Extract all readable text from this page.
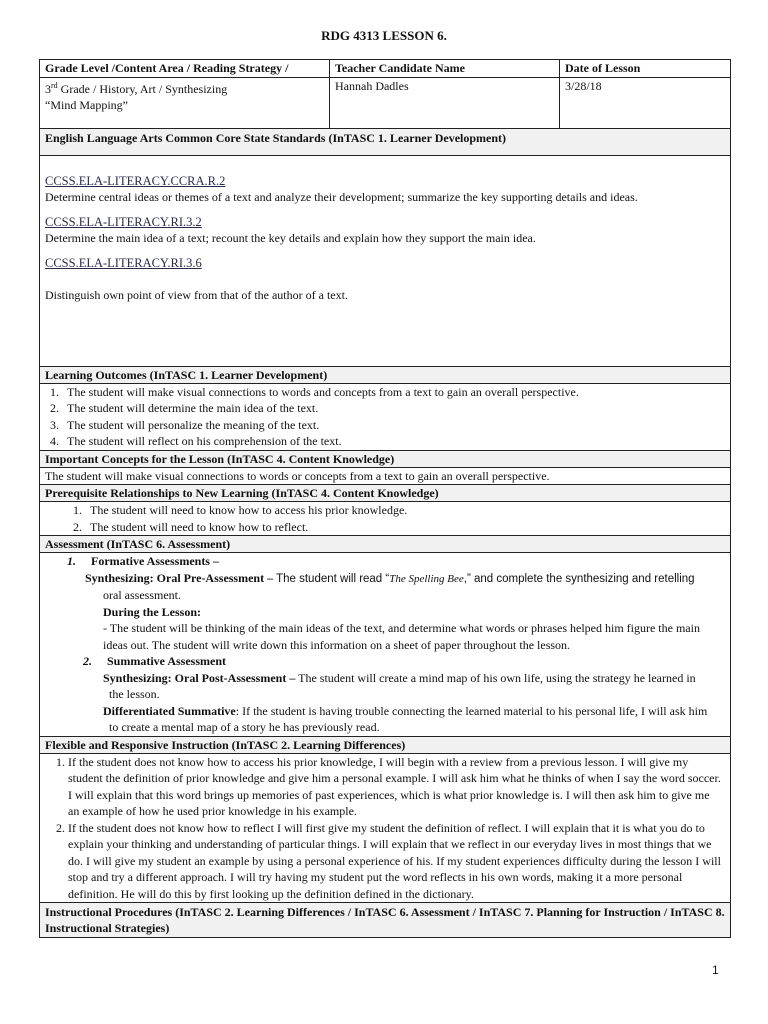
RDG 4313 LESSON 6.
Grade Level /Content Area / Reading Strategy /	Teacher Candidate Name	Date of Lesson
3rd Grade / History, Art / Synthesizing
“Mind Mapping”
Hannah Dadles	3/28/18
English Language Arts Common Core State Standards (InTASC 1. Learner Development)
CCSS.ELA-LITERACY.CCRA.R.2
Determine central ideas or themes of a text and analyze their development; summarize the key supporting details and ideas.
CCSS.ELA-LITERACY.RI.3.2
Determine the main idea of a text; recount the key details and explain how they support the main idea.
CCSS.ELA-LITERACY.RI.3.6
Distinguish own point of view from that of the author of a text.
Learning Outcomes (InTASC 1. Learner Development)
1. The student will make visual connections to words and concepts from a text to gain an overall perspective.
2. The student will determine the main idea of the text.
3. The student will personalize the meaning of the text.
4. The student will reflect on his comprehension of the text.
Important Concepts for the Lesson (InTASC 4. Content Knowledge)
The student will make visual connections to words or concepts from a text to gain an overall perspective.
Prerequisite Relationships to New Learning (InTASC 4. Content Knowledge)
1. The student will need to know how to access his prior knowledge.
2. The student will need to know how to reflect.
Assessment (InTASC 6. Assessment)
1. Formative Assessments –
Synthesizing: Oral Pre-Assessment – The student will read “The Spelling Bee,” and complete the synthesizing and retelling
oral assessment.
During the Lesson:
- The student will be thinking of the main ideas of the text, and determine what words or phrases helped him figure the main ideas out. The student will write down this information on a sheet of paper throughout the lesson.
2. Summative Assessment
Synthesizing: Oral Post-Assessment – The student will create a mind map of his own life, using the strategy he learned in
the lesson.
Differentiated Summative: If the student is having trouble connecting the learned material to his personal life, I will ask him
to create a mental map of a story he has previously read.
Flexible and Responsive Instruction (InTASC 2. Learning Differences)
1. If the student does not know how to access his prior knowledge, I will begin with a review from a previous lesson. I will give my student the definition of prior knowledge and give him a personal example. I will ask him what he thinks of when I say the word soccer. I will explain that this word brings up memories of past experiences, which is what prior knowledge is. I will then ask him to give me an example of how he used prior knowledge in his example.
2. If the student does not know how to reflect I will first give my student the definition of reflect. I will explain that it is what you do to explain your thinking and understanding of particular things. I will explain that we reflect in our everyday lives in most things that we do. I will give my student an example by using a personal experience of his. If my student experiences difficulty during the lesson I will stop and try a different approach. I will try having my student put the word reflects in his own words, making it a more personal definition. He will do this by first looking up the definition defined in the dictionary.
Instructional Procedures (InTASC 2. Learning Differences / InTASC 6. Assessment / InTASC 7. Planning for Instruction / InTASC 8. Instructional Strategies)
1
